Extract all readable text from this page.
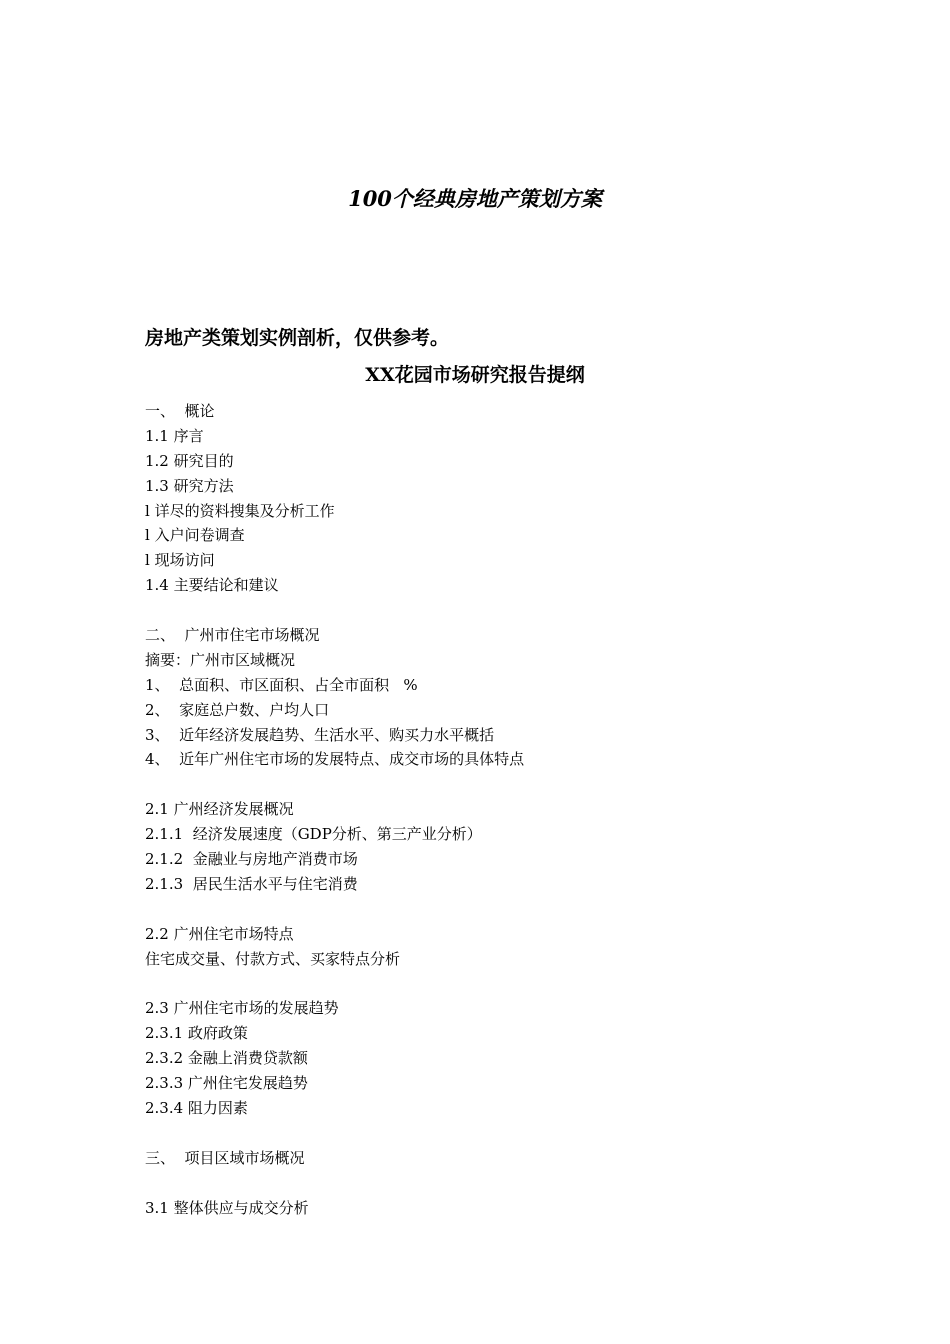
100个经典房地产策划方案
房地产类策划实例剖析，仅供参考。
XX花园市场研究报告提纲
一、  概论
1.1 序言
1.2 研究目的
1.3 研究方法
l 详尽的资料搜集及分析工作
l 入户问卷调查
l 现场访问
1.4 主要结论和建议
二、  广州市住宅市场概况
摘要：广州市区域概况
1、  总面积、市区面积、占全市面积   %
2、  家庭总户数、户均人口
3、  近年经济发展趋势、生活水平、购买力水平概括
4、  近年广州住宅市场的发展特点、成交市场的具体特点
2.1 广州经济发展概况
2.1.1  经济发展速度（GDP分析、第三产业分析）
2.1.2  金融业与房地产消费市场
2.1.3  居民生活水平与住宅消费
2.2 广州住宅市场特点
住宅成交量、付款方式、买家特点分析
2.3 广州住宅市场的发展趋势
2.3.1 政府政策
2.3.2 金融上消费贷款额
2.3.3 广州住宅发展趋势
2.3.4 阻力因素
三、  项目区域市场概况
3.1 整体供应与成交分析
